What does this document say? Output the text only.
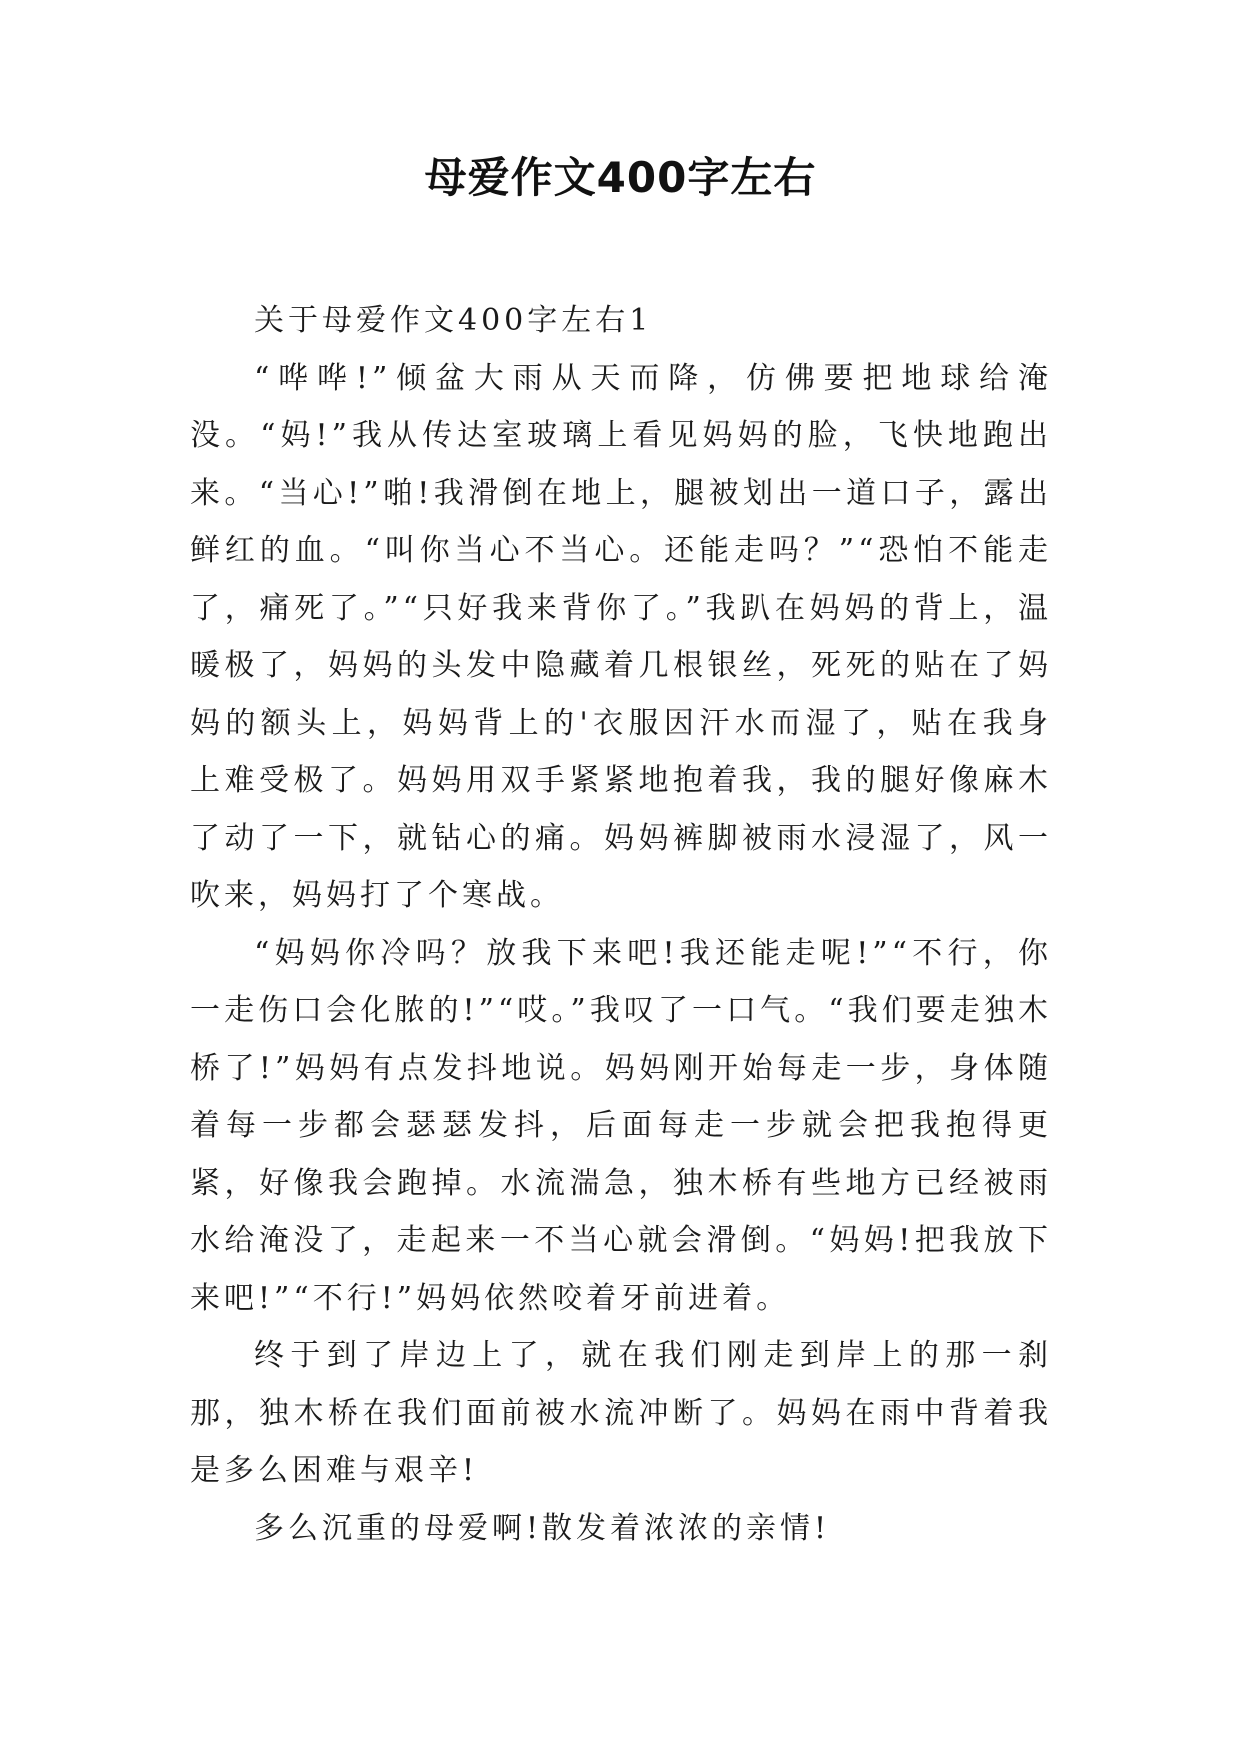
母爱作文400字左右

关于母爱作文400字左右1

“哗哗!”倾盆大雨从天而降，仿佛要把地球给淹没。“妈!”我从传达室玻璃上看见妈妈的脸，飞快地跑出来。“当心!”啪!我滑倒在地上，腿被划出一道口子，露出鲜红的血。“叫你当心不当心。还能走吗？”“恐怕不能走了，痛死了。”“只好我来背你了。”我趴在妈妈的背上，温暖极了，妈妈的头发中隐藏着几根银丝，死死的贴在了妈妈的额头上，妈妈背上的'衣服因汗水而湿了，贴在我身上难受极了。妈妈用双手紧紧地抱着我，我的腿好像麻木了动了一下，就钻心的痛。妈妈裤脚被雨水浸湿了，风一吹来，妈妈打了个寒战。

“妈妈你冷吗？放我下来吧!我还能走呢!”“不行，你一走伤口会化脓的!”“哎。”我叹了一口气。“我们要走独木桥了!”妈妈有点发抖地说。妈妈刚开始每走一步，身体随着每一步都会瑟瑟发抖，后面每走一步就会把我抱得更紧，好像我会跑掉。水流湍急，独木桥有些地方已经被雨水给淹没了，走起来一不当心就会滑倒。“妈妈!把我放下来吧!”“不行!”妈妈依然咬着牙前进着。

终于到了岸边上了，就在我们刚走到岸上的那一刹那，独木桥在我们面前被水流冲断了。妈妈在雨中背着我是多么困难与艰辛!

多么沉重的母爱啊!散发着浓浓的亲情!
